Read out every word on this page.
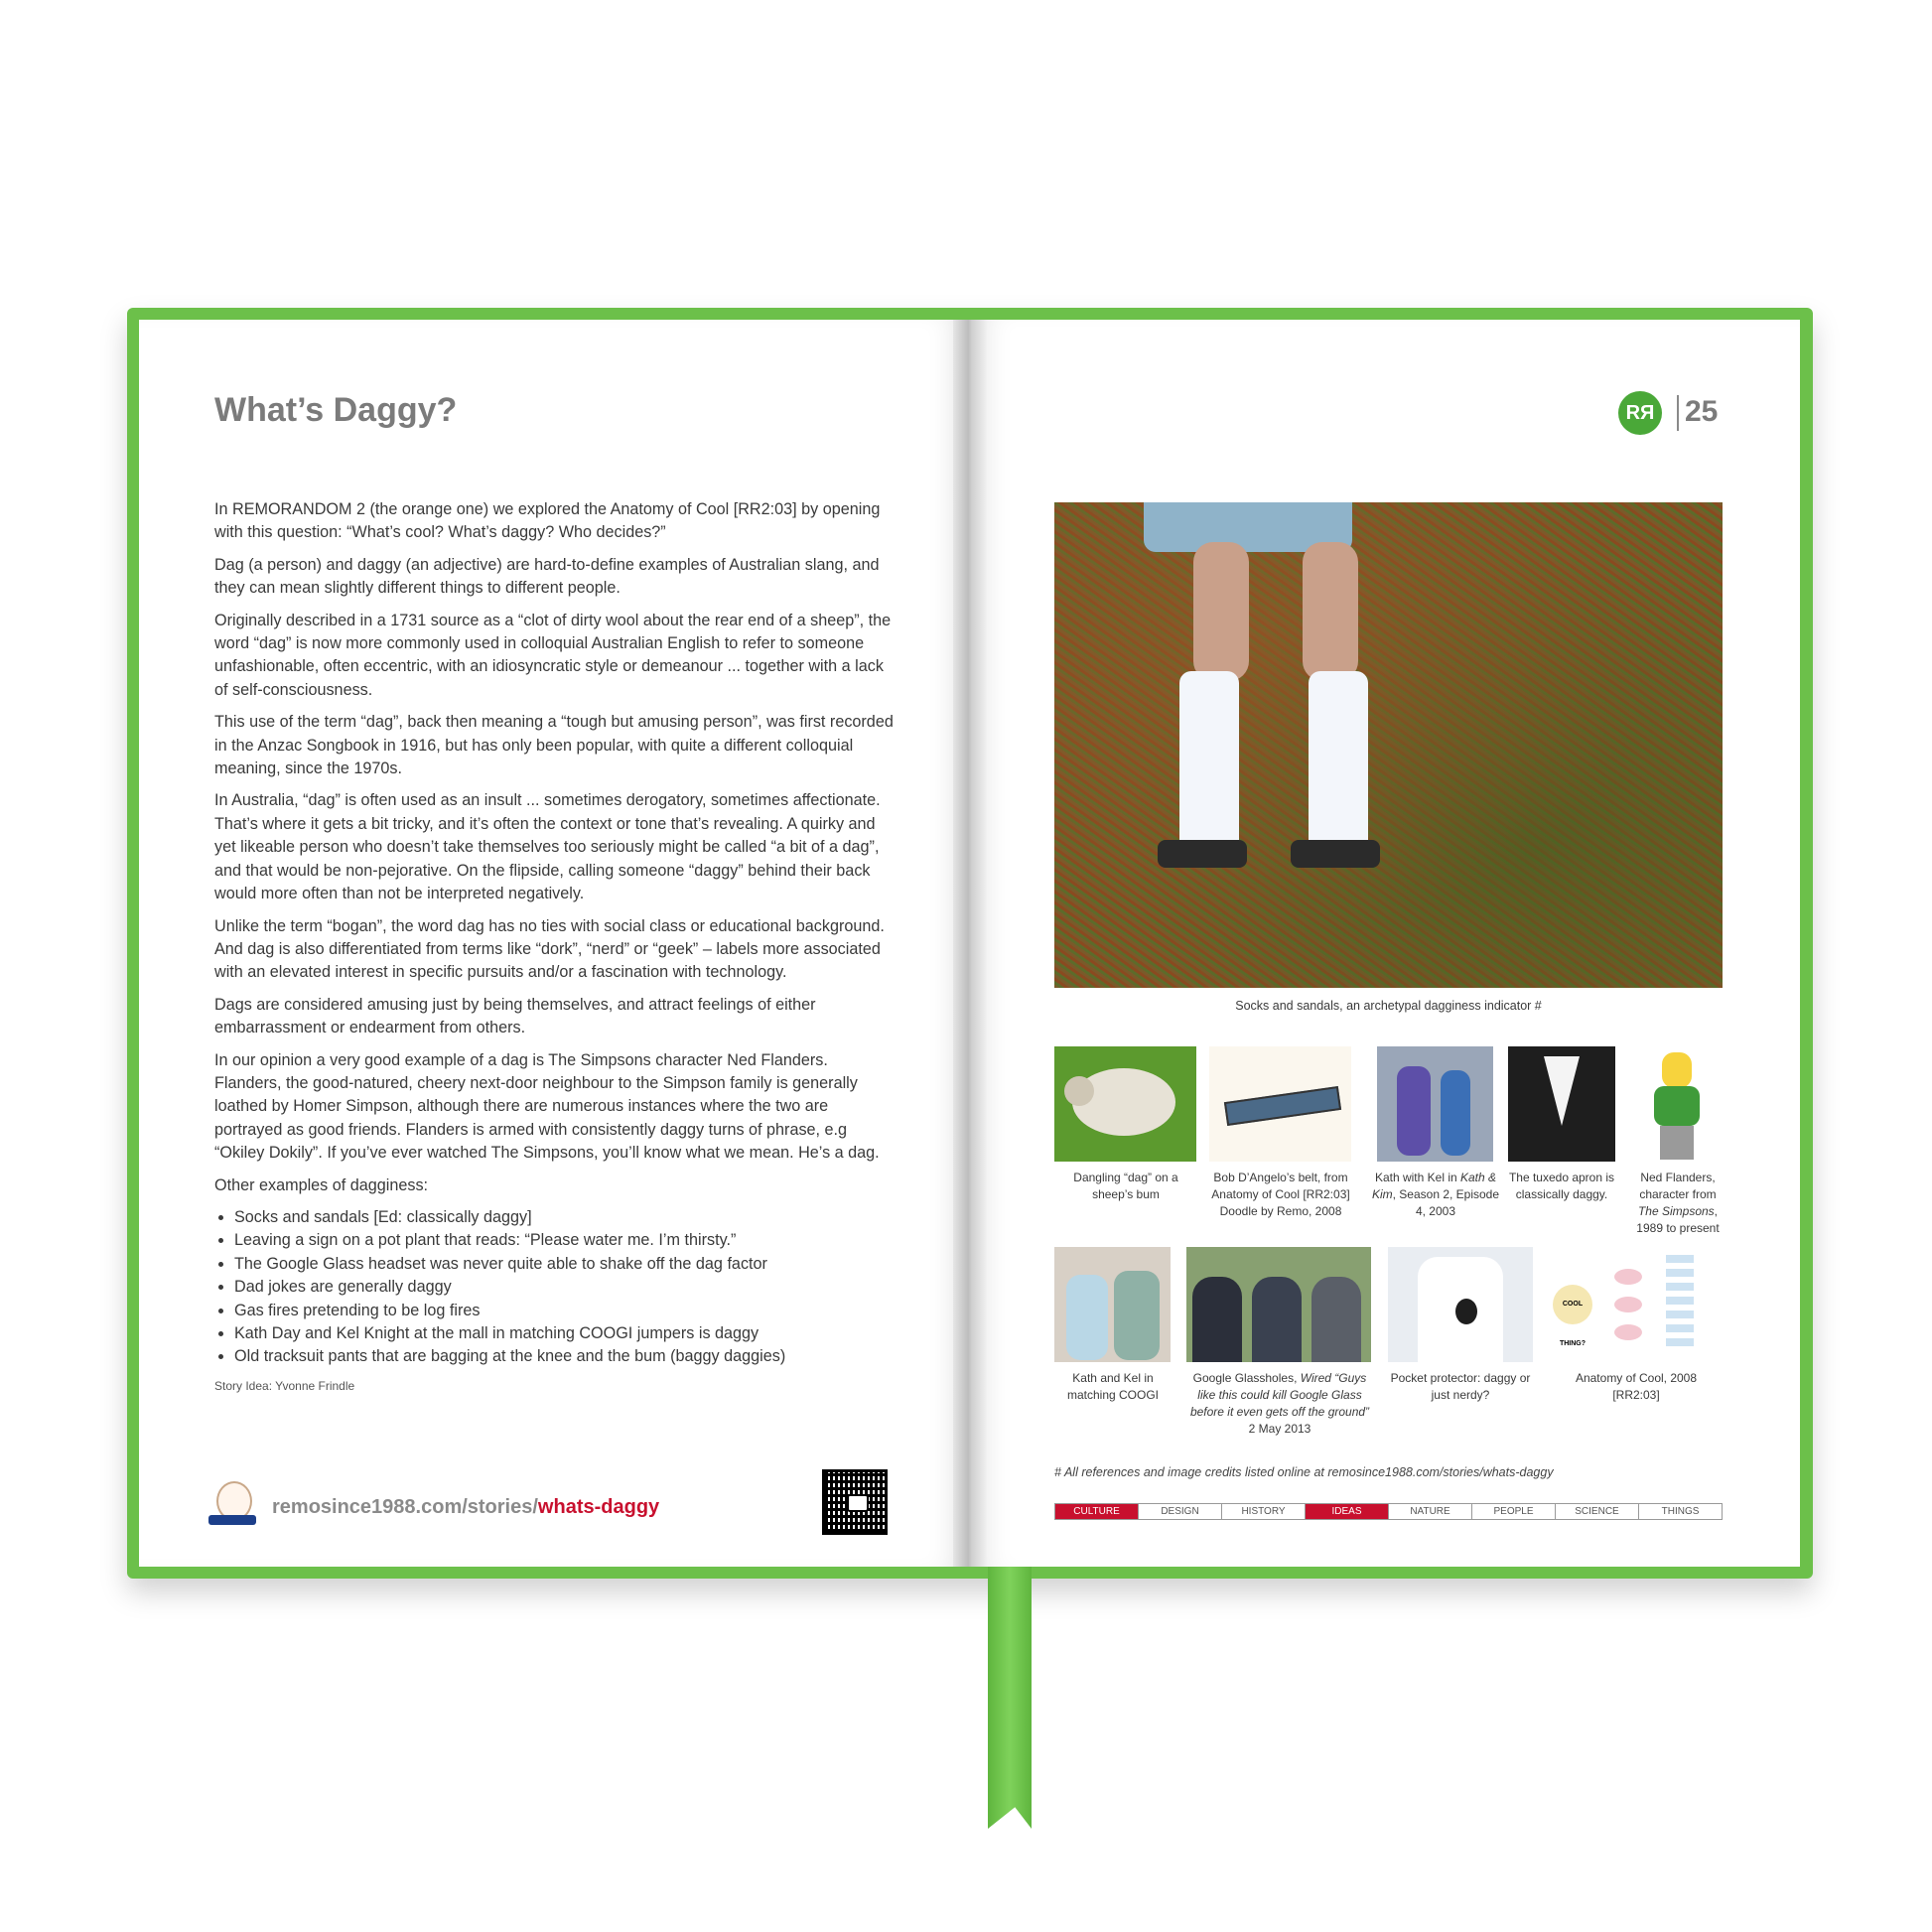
What’s Daggy?

In REMORANDOM 2 (the orange one) we explored the Anatomy of Cool [RR2:03] by opening with this question: “What’s cool? What’s daggy? Who decides?”

Dag (a person) and daggy (an adjective) are hard-to-define examples of Australian slang, and they can mean slightly different things to different people.

Originally described in a 1731 source as a “clot of dirty wool about the rear end of a sheep”, the word “dag” is now more commonly used in colloquial Australian English to refer to someone unfashionable, often eccentric, with an idiosyncratic style or demeanour ... together with a lack of self-consciousness.

This use of the term “dag”, back then meaning a “tough but amusing person”, was first recorded in the Anzac Songbook in 1916, but has only been popular, with quite a different colloquial meaning, since the 1970s.

In Australia, “dag” is often used as an insult ... sometimes derogatory, sometimes affectionate. That’s where it gets a bit tricky, and it’s often the context or tone that’s revealing. A quirky and yet likeable person who doesn’t take themselves too seriously might be called “a bit of a dag”, and that would be non-pejorative. On the flipside, calling someone “daggy” behind their back would more often than not be interpreted negatively.

Unlike the term “bogan”, the word dag has no ties with social class or educational background. And dag is also differentiated from terms like “dork”, “nerd” or “geek” – labels more associated with an elevated interest in specific pursuits and/or a fascination with technology.

Dags are considered amusing just by being themselves, and attract feelings of either embarrassment or endearment from others.

In our opinion a very good example of a dag is The Simpsons character Ned Flanders. Flanders, the good-natured, cheery next-door neighbour to the Simpson family is generally loathed by Homer Simpson, although there are numerous instances where the two are portrayed as good friends. Flanders is armed with consistently daggy turns of phrase, e.g “Okiley Dokily”. If you’ve ever watched The Simpsons, you’ll know what we mean. He’s a dag.

Other examples of dagginess:

• Socks and sandals [Ed: classically daggy]
• Leaving a sign on a pot plant that reads: “Please water me. I’m thirsty.”
• The Google Glass headset was never quite able to shake off the dag factor
• Dad jokes are generally daggy
• Gas fires pretending to be log fires
• Kath Day and Kel Knight at the mall in matching COOGI jumpers is daggy
• Old tracksuit pants that are bagging at the knee and the bum (baggy daggies)
Story Idea: Yvonne Frindle
remosince1988.com/stories/whats-daggy
RЯ 25
Socks and sandals, an archetypal dagginess indicator #
Dangling “dag” on a sheep’s bum
Bob D’Angelo’s belt, from Anatomy of Cool [RR2:03] Doodle by Remo, 2008
Kath with Kel in Kath & Kim, Season 2, Episode 4, 2003
The tuxedo apron is classically daggy.
Ned Flanders, character from The Simpsons, 1989 to present
Kath and Kel in matching COOGI
Google Glassholes, Wired “Guys like this could kill Google Glass before it even gets off the ground” 2 May 2013
Pocket protector: daggy or just nerdy?
COOL THING?
Anatomy of Cool, 2008 [RR2:03]
# All references and image credits listed online at remosince1988.com/stories/whats-daggy
CULTURE	DESIGN	HISTORY	IDEAS	NATURE	PEOPLE	SCIENCE	THINGS
